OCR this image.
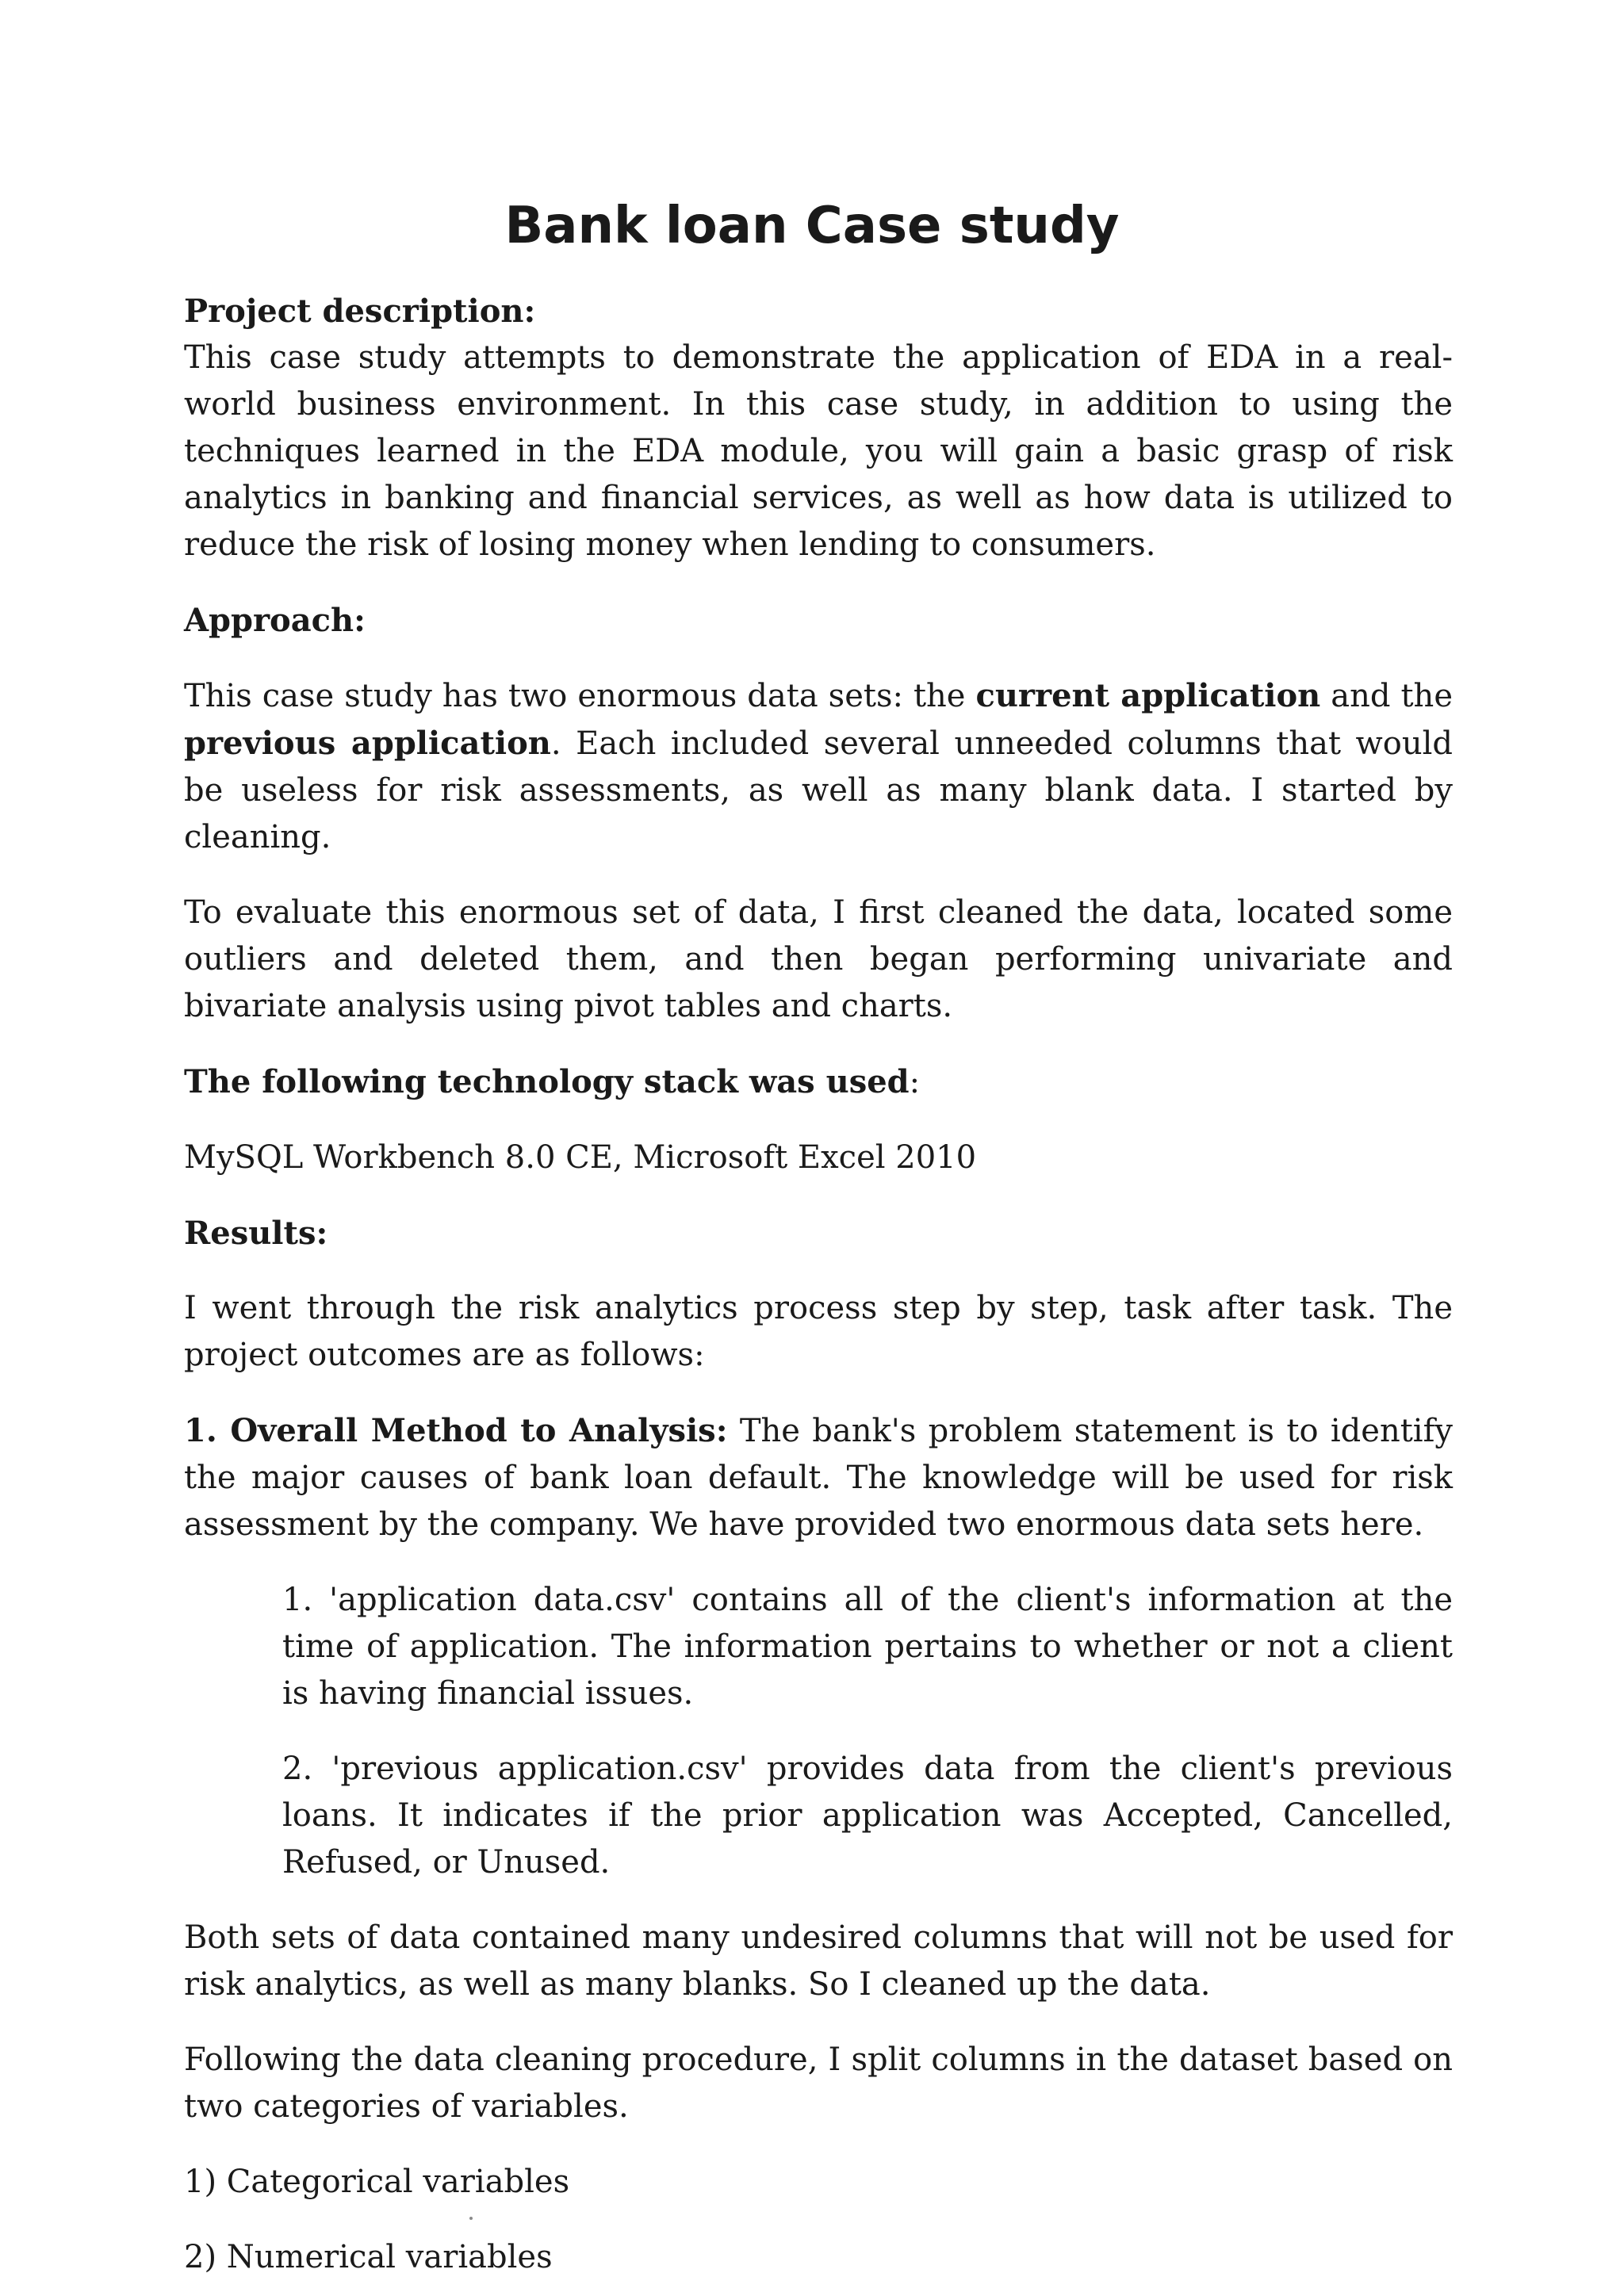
Bank loan Case study
Project description:

This case study attempts to demonstrate the application of EDA in a real-world business environment. In this case study, in addition to using the techniques learned in the EDA module, you will gain a basic grasp of risk analytics in banking and financial services, as well as how data is utilized to reduce the risk of losing money when lending to consumers.

Approach:

This case study has two enormous data sets: the current application and the previous application. Each included several unneeded columns that would be useless for risk assessments, as well as many blank data. I started by cleaning.

To evaluate this enormous set of data, I first cleaned the data, located some outliers and deleted them, and then began performing univariate and bivariate analysis using pivot tables and charts.

The following technology stack was used:

MySQL Workbench 8.0 CE, Microsoft Excel 2010

Results:

I went through the risk analytics process step by step, task after task. The project outcomes are as follows:

1. Overall Method to Analysis: The bank's problem statement is to identify the major causes of bank loan default. The knowledge will be used for risk assessment by the company. We have provided two enormous data sets here.

1. 'application data.csv' contains all of the client's information at the time of application. The information pertains to whether or not a client is having financial issues.

2. 'previous application.csv' provides data from the client's previous loans. It indicates if the prior application was Accepted, Cancelled, Refused, or Unused.

Both sets of data contained many undesired columns that will not be used for risk analytics, as well as many blanks. So I cleaned up the data.

Following the data cleaning procedure, I split columns in the dataset based on two categories of variables.

1) Categorical variables

2) Numerical variables
